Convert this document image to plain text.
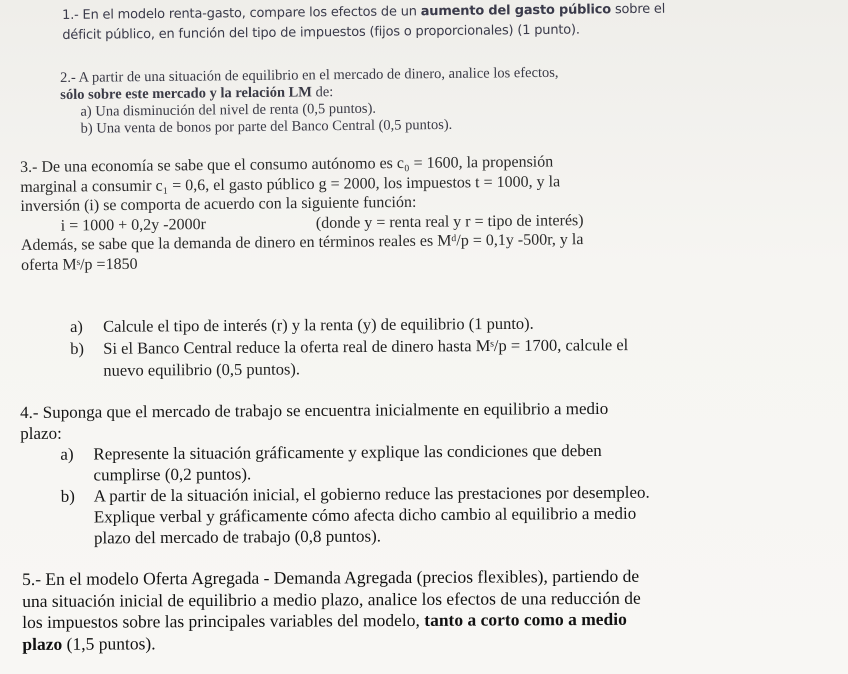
1.- En el modelo renta-gasto, compare los efectos de un aumento del gasto público sobre el

déficit público, en función del tipo de impuestos (fijos o proporcionales) (1 punto).

2.- A partir de una situación de equilibrio en el mercado de dinero, analice los efectos,

sólo sobre este mercado y la relación LM de:

a) Una disminución del nivel de renta (0,5 puntos).

b) Una venta de bonos por parte del Banco Central (0,5 puntos).

3.- De una economía se sabe que el consumo autónomo es c₀ = 1600, la propensión

marginal a consumir c₁ = 0,6, el gasto público g = 2000, los impuestos t = 1000, y la

inversión (i) se comporta de acuerdo con la siguiente función:

i = 1000 + 0,2y -2000r	(donde y = renta real y r = tipo de interés)

Además, se sabe que la demanda de dinero en términos reales es Mᵈ/p = 0,1y -500r, y la

oferta Mˢ/p =1850

a) Calcule el tipo de interés (r) y la renta (y) de equilibrio (1 punto).

b) Si el Banco Central reduce la oferta real de dinero hasta Mˢ/p = 1700, calcule el

nuevo equilibrio (0,5 puntos).

4.- Suponga que el mercado de trabajo se encuentra inicialmente en equilibrio a medio

plazo:

a) Represente la situación gráficamente y explique las condiciones que deben

cumplirse (0,2 puntos).

b) A partir de la situación inicial, el gobierno reduce las prestaciones por desempleo.

Explique verbal y gráficamente cómo afecta dicho cambio al equilibrio a medio

plazo del mercado de trabajo (0,8 puntos).

5.- En el modelo Oferta Agregada - Demanda Agregada (precios flexibles), partiendo de

una situación inicial de equilibrio a medio plazo, analice los efectos de una reducción de

los impuestos sobre las principales variables del modelo, tanto a corto como a medio

plazo (1,5 puntos).
